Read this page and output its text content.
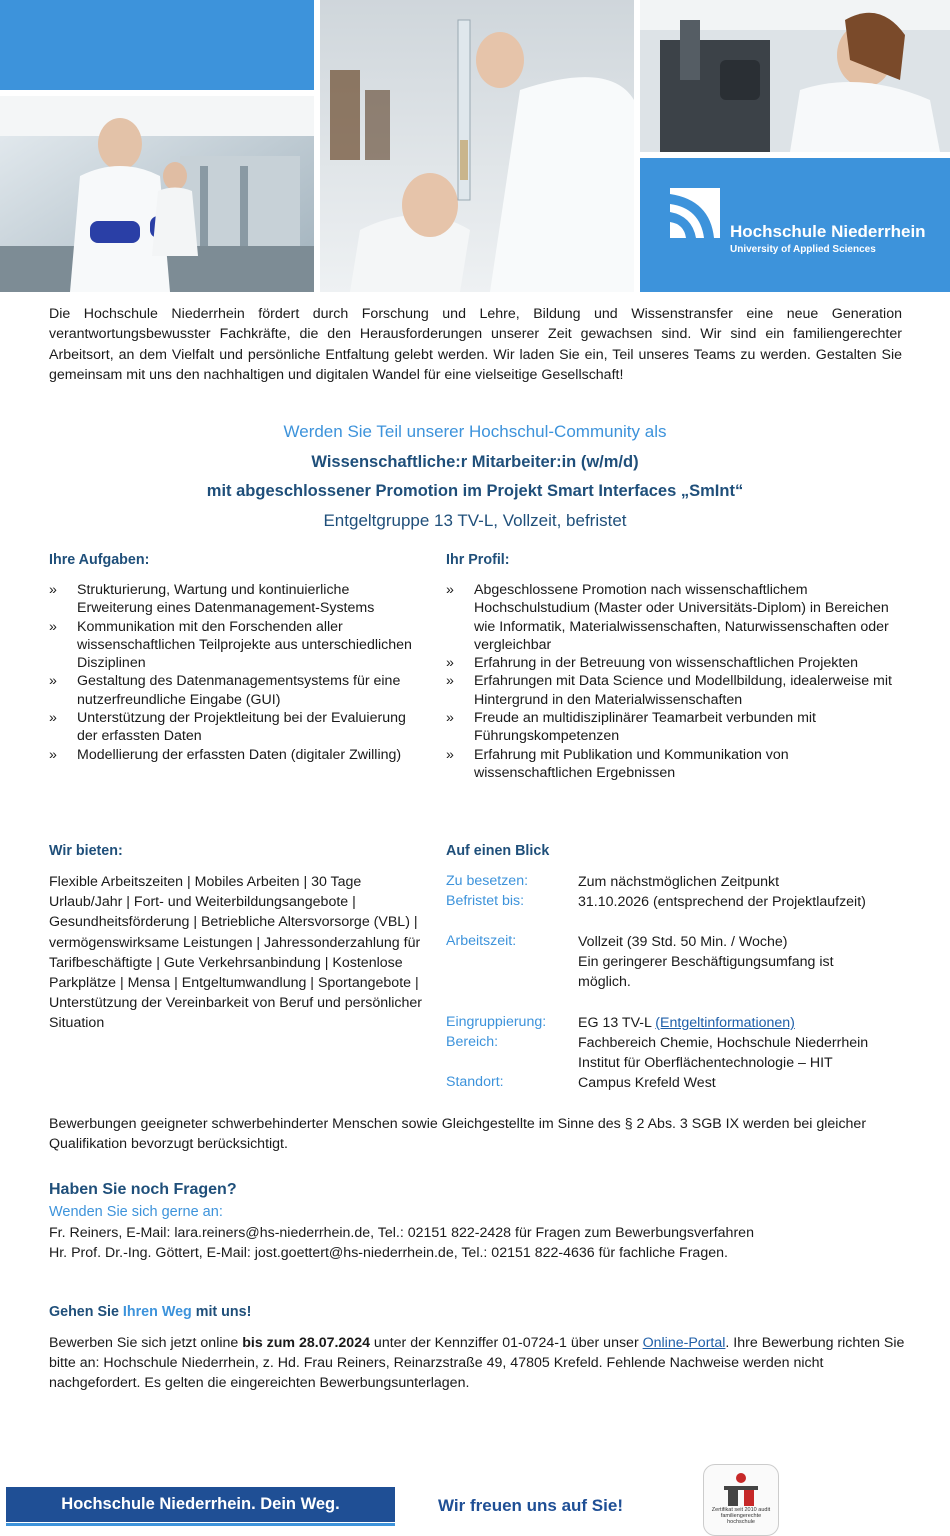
Hochschule Niederrhein
University of Applied Sciences
Die Hochschule Niederrhein fördert durch Forschung und Lehre, Bildung und Wissenstransfer eine neue Generation verantwortungsbewusster Fachkräfte, die den Herausforderungen unserer Zeit gewachsen sind. Wir sind ein familiengerechter Arbeitsort, an dem Vielfalt und persönliche Entfaltung gelebt werden. Wir laden Sie ein, Teil unseres Teams zu werden. Gestalten Sie gemeinsam mit uns den nachhaltigen und digitalen Wandel für eine vielseitige Gesellschaft!
Werden Sie Teil unserer Hochschul-Community als
Wissenschaftliche:r Mitarbeiter:in (w/m/d)
mit abgeschlossener Promotion im Projekt Smart Interfaces „SmInt“
Entgeltgruppe 13 TV-L, Vollzeit, befristet
Ihre Aufgaben:
» Strukturierung, Wartung und kontinuierliche Erweiterung eines Datenmanagement-Systems
» Kommunikation mit den Forschenden aller wissenschaftlichen Teilprojekte aus unterschiedlichen Disziplinen
» Gestaltung des Datenmanagementsystems für eine nutzerfreundliche Eingabe (GUI)
» Unterstützung der Projektleitung bei der Evaluierung der erfassten Daten
» Modellierung der erfassten Daten (digitaler Zwilling)
Ihr Profil:
» Abgeschlossene Promotion nach wissenschaftlichem Hochschulstudium (Master oder Universitäts-Diplom) in Bereichen wie Informatik, Materialwissenschaften, Naturwissenschaften oder vergleichbar
» Erfahrung in der Betreuung von wissenschaftlichen Projekten
» Erfahrungen mit Data Science und Modellbildung, idealerweise mit Hintergrund in den Materialwissenschaften
» Freude an multidisziplinärer Teamarbeit verbunden mit Führungskompetenzen
» Erfahrung mit Publikation und Kommunikation von wissenschaftlichen Ergebnissen
Wir bieten:
Flexible Arbeitszeiten | Mobiles Arbeiten | 30 Tage Urlaub/Jahr | Fort- und Weiterbildungsangebote | Gesundheitsförderung | Betriebliche Altersvorsorge (VBL) | vermögenswirksame Leistungen | Jahressonderzahlung für Tarifbeschäftigte | Gute Verkehrsanbindung | Kostenlose Parkplätze | Mensa | Entgeltumwandlung | Sportangebote | Unterstützung der Vereinbarkeit von Beruf und persönlicher Situation
Auf einen Blick
Zu besetzen:	Zum nächstmöglichen Zeitpunkt
Befristet bis:	31.10.2026 (entsprechend der Projektlaufzeit)
Arbeitszeit:	Vollzeit (39 Std. 50 Min. / Woche)
Ein geringerer Beschäftigungsumfang ist möglich.
Eingruppierung: EG 13 TV-L (Entgeltinformationen)
Bereich:	Fachbereich Chemie, Hochschule Niederrhein
Institut für Oberflächentechnologie – HIT
Standort:	Campus Krefeld West
Bewerbungen geeigneter schwerbehinderter Menschen sowie Gleichgestellte im Sinne des § 2 Abs. 3 SGB IX werden bei gleicher Qualifikation bevorzugt berücksichtigt.
Haben Sie noch Fragen?
Wenden Sie sich gerne an:
Fr. Reiners, E-Mail: lara.reiners@hs-niederrhein.de, Tel.: 02151 822-2428 für Fragen zum Bewerbungsverfahren
Hr. Prof. Dr.-Ing. Göttert, E-Mail: jost.goettert@hs-niederrhein.de, Tel.: 02151 822-4636 für fachliche Fragen.
Gehen Sie Ihren Weg mit uns!
Bewerben Sie sich jetzt online bis zum 28.07.2024 unter der Kennziffer 01-0724-1 über unser Online-Portal. Ihre Bewerbung richten Sie bitte an: Hochschule Niederrhein, z. Hd. Frau Reiners, Reinarzstraße 49, 47805 Krefeld. Fehlende Nachweise werden nicht nachgefordert. Es gelten die eingereichten Bewerbungsunterlagen.
Hochschule Niederrhein. Dein Weg.	Wir freuen uns auf Sie!	Zertifikat seit 2010 audit familiengerechte hochschule
